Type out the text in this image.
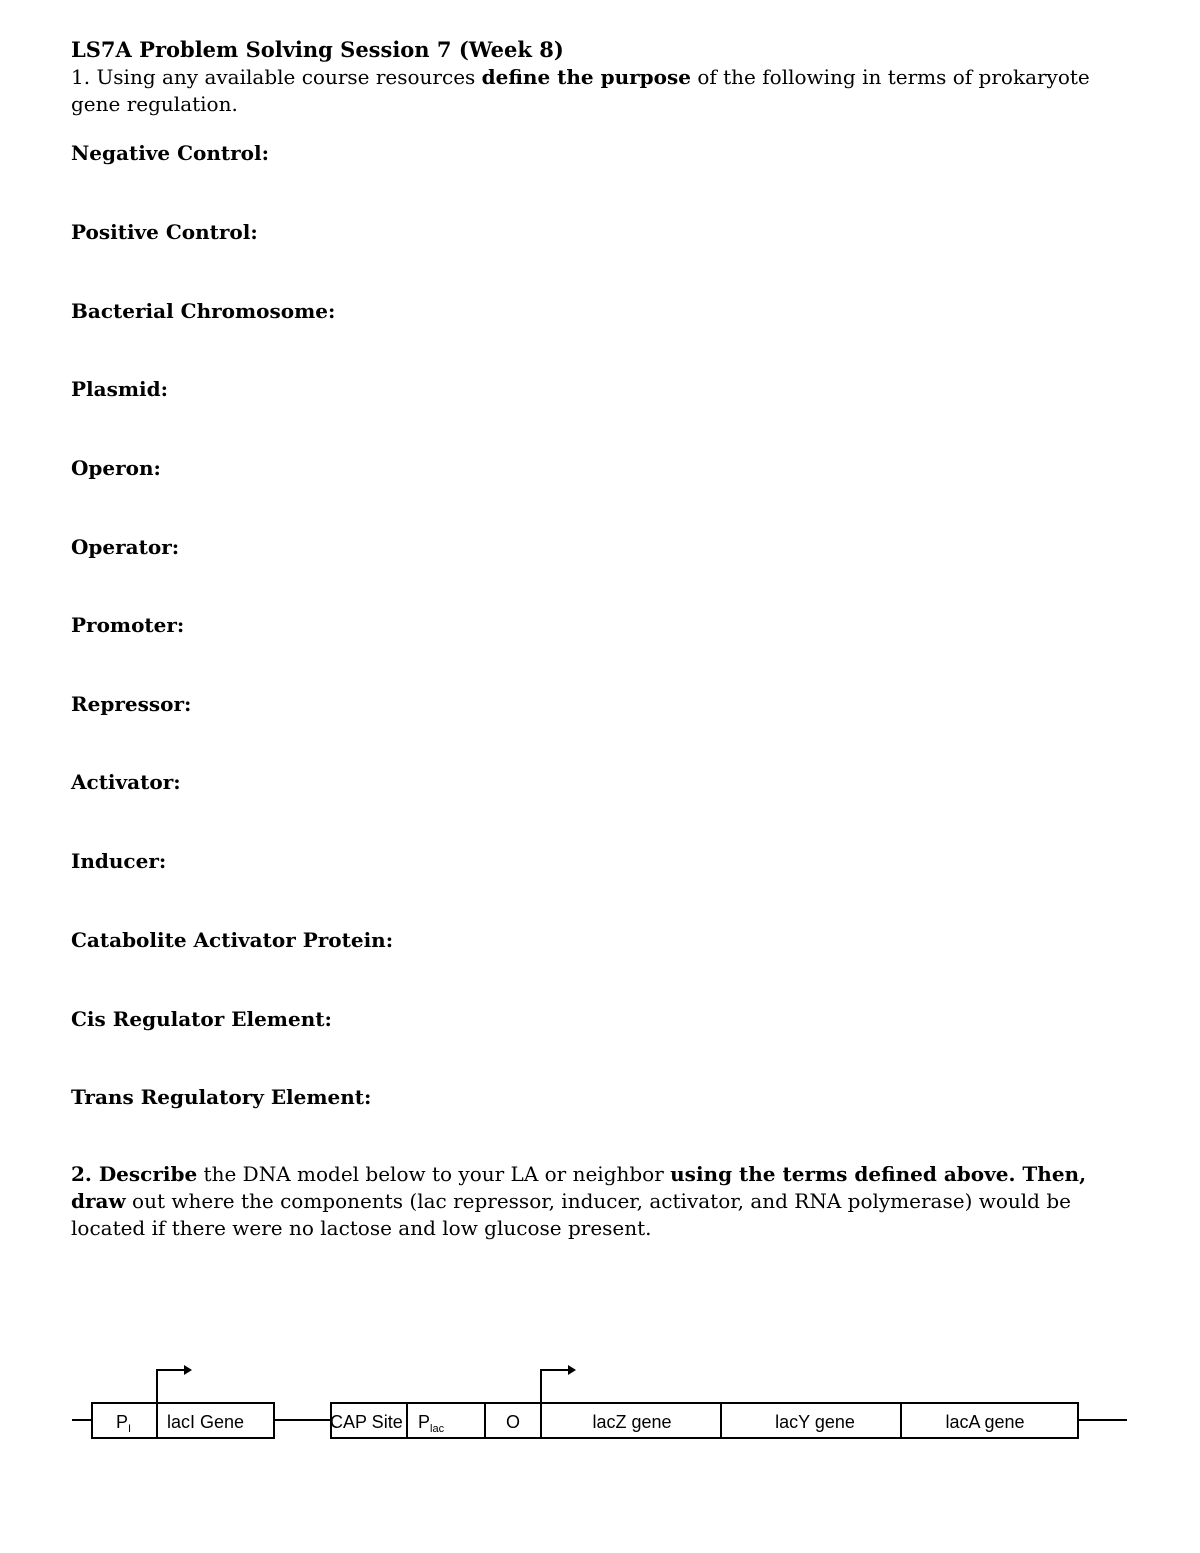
LS7A Problem Solving Session 7 (Week 8)
1. Using any available course resources define the purpose of the following in terms of prokaryote gene regulation.
Negative Control:
Positive Control:
Bacterial Chromosome:
Plasmid:
Operon:
Operator:
Promoter:
Repressor:
Activator:
Inducer:
Catabolite Activator Protein:
Cis Regulator Element:
Trans Regulatory Element:
2. Describe the DNA model below to your LA or neighbor using the terms defined above. Then, draw out where the components (lac repressor, inducer, activator, and RNA polymerase) would be located if there were no lactose and low glucose present.
$P_I$ lacI Gene	CAP Site $P_{lac}$	O	lacZ gene	lacY gene	lacA gene
